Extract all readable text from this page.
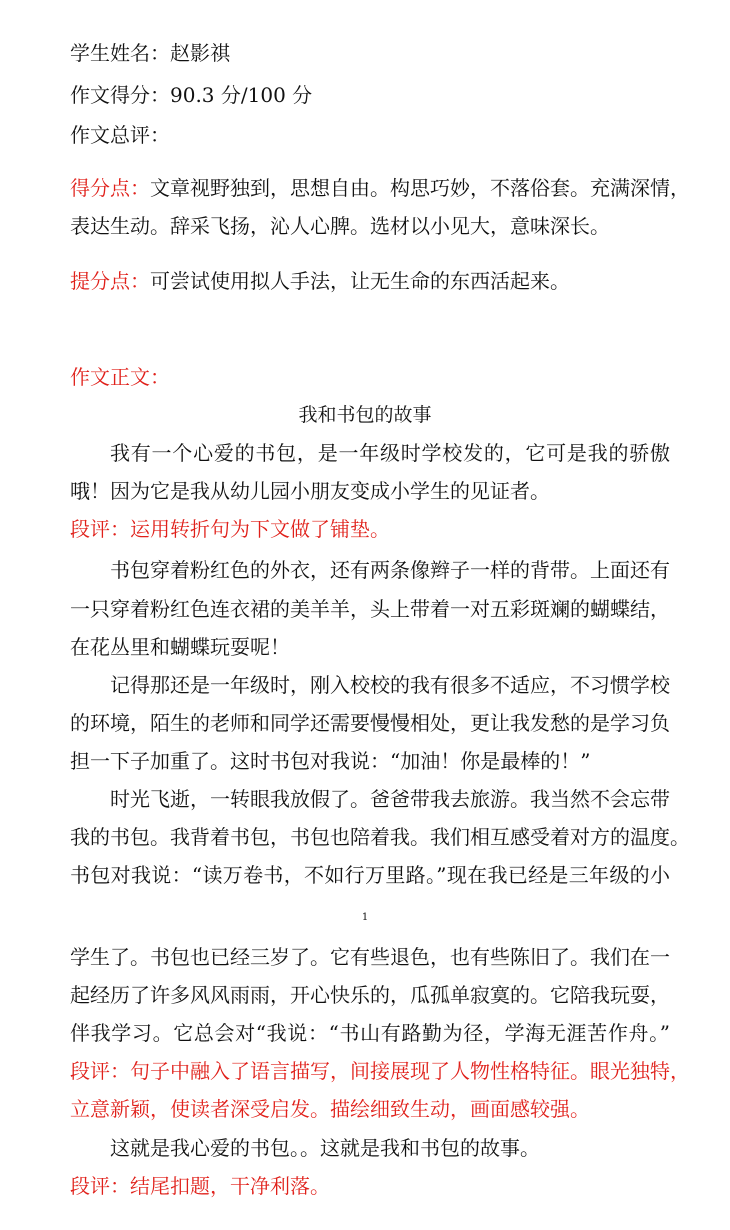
学生姓名：赵影祺
作文得分：90.3 分/100 分
作文总评：
得分点：文章视野独到，思想自由。构思巧妙，不落俗套。充满深情，
表达生动。辞采飞扬，沁人心脾。选材以小见大，意味深长。
提分点：可尝试使用拟人手法，让无生命的东西活起来。
作文正文：
我和书包的故事
我有一个心爱的书包，是一年级时学校发的，它可是我的骄傲
哦！因为它是我从幼儿园小朋友变成小学生的见证者。
段评：运用转折句为下文做了铺垫。
书包穿着粉红色的外衣，还有两条像辫子一样的背带。上面还有
一只穿着粉红色连衣裙的美羊羊，头上带着一对五彩斑斓的蝴蝶结，
在花丛里和蝴蝶玩耍呢！
记得那还是一年级时，刚入校校的我有很多不适应，不习惯学校
的环境，陌生的老师和同学还需要慢慢相处，更让我发愁的是学习负
担一下子加重了。这时书包对我说：“加油！你是最棒的！”
时光飞逝，一转眼我放假了。爸爸带我去旅游。我当然不会忘带
我的书包。我背着书包，书包也陪着我。我们相互感受着对方的温度。
书包对我说：“读万卷书，不如行万里路。”现在我已经是三年级的小
1
学生了。书包也已经三岁了。它有些退色，也有些陈旧了。我们在一
起经历了许多风风雨雨，开心快乐的，瓜孤单寂寞的。它陪我玩耍，
伴我学习。它总会对“我说：“书山有路勤为径，学海无涯苦作舟。”
段评：句子中融入了语言描写，间接展现了人物性格特征。眼光独特，
立意新颖，使读者深受启发。描绘细致生动，画面感较强。
这就是我心爱的书包。。这就是我和书包的故事。
段评：结尾扣题，干净利落。
